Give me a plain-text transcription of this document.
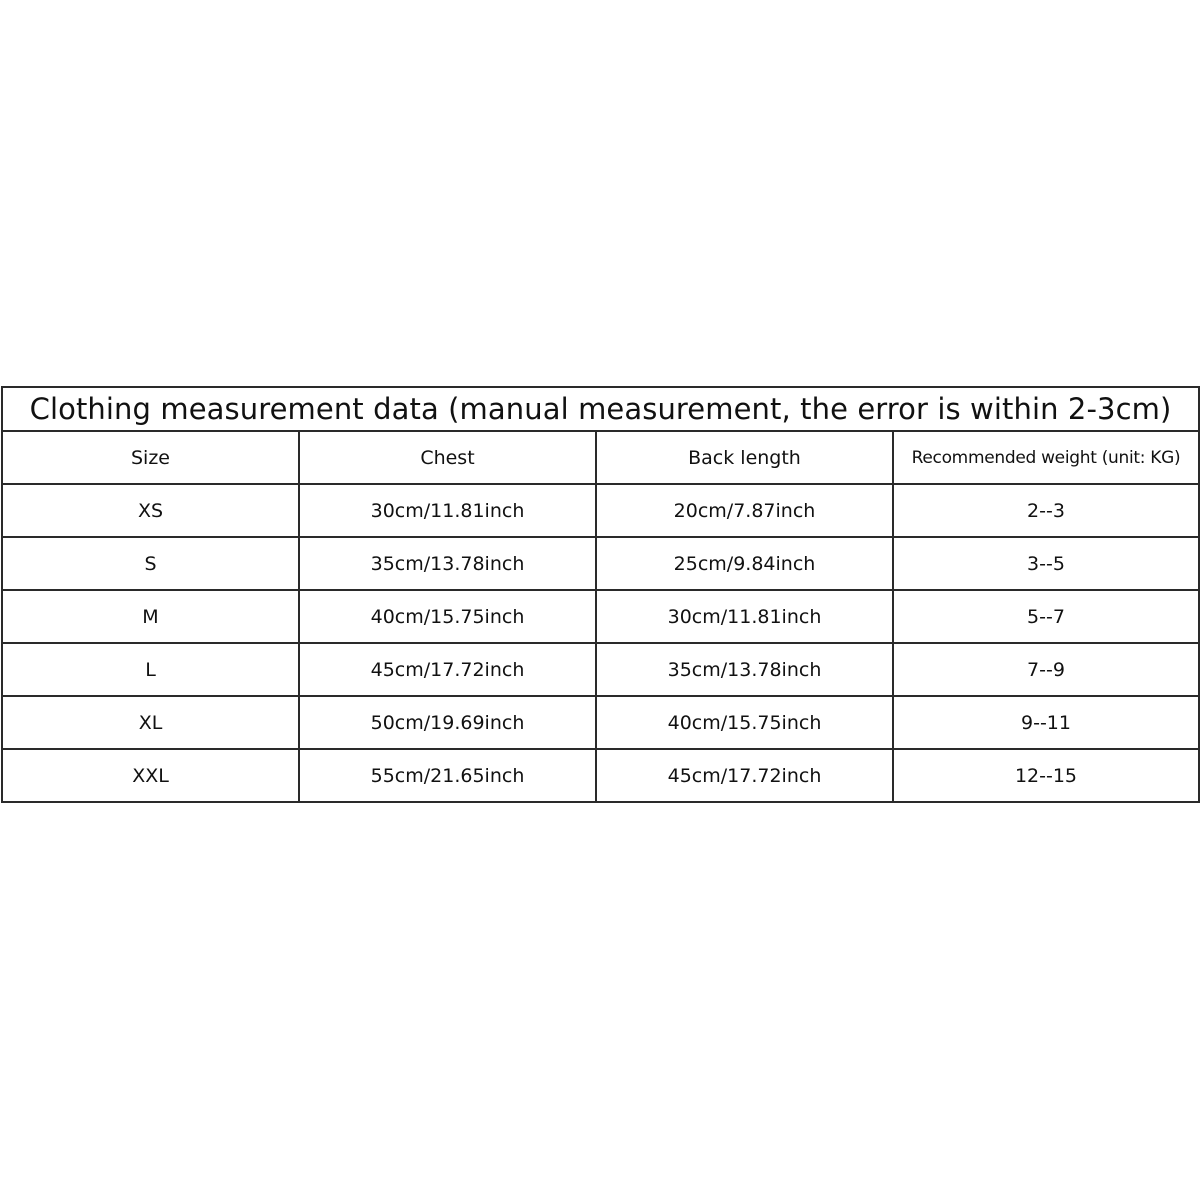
Clothing measurement data (manual measurement, the error is within 2-3cm)			
Size	Chest	Back length	Recommended weight (unit: KG)
XS	30cm/11.81inch	20cm/7.87inch	2--3
S	35cm/13.78inch	25cm/9.84inch	3--5
M	40cm/15.75inch	30cm/11.81inch	5--7
L	45cm/17.72inch	35cm/13.78inch	7--9
XL	50cm/19.69inch	40cm/15.75inch	9--11
XXL	55cm/21.65inch	45cm/17.72inch	12--15
